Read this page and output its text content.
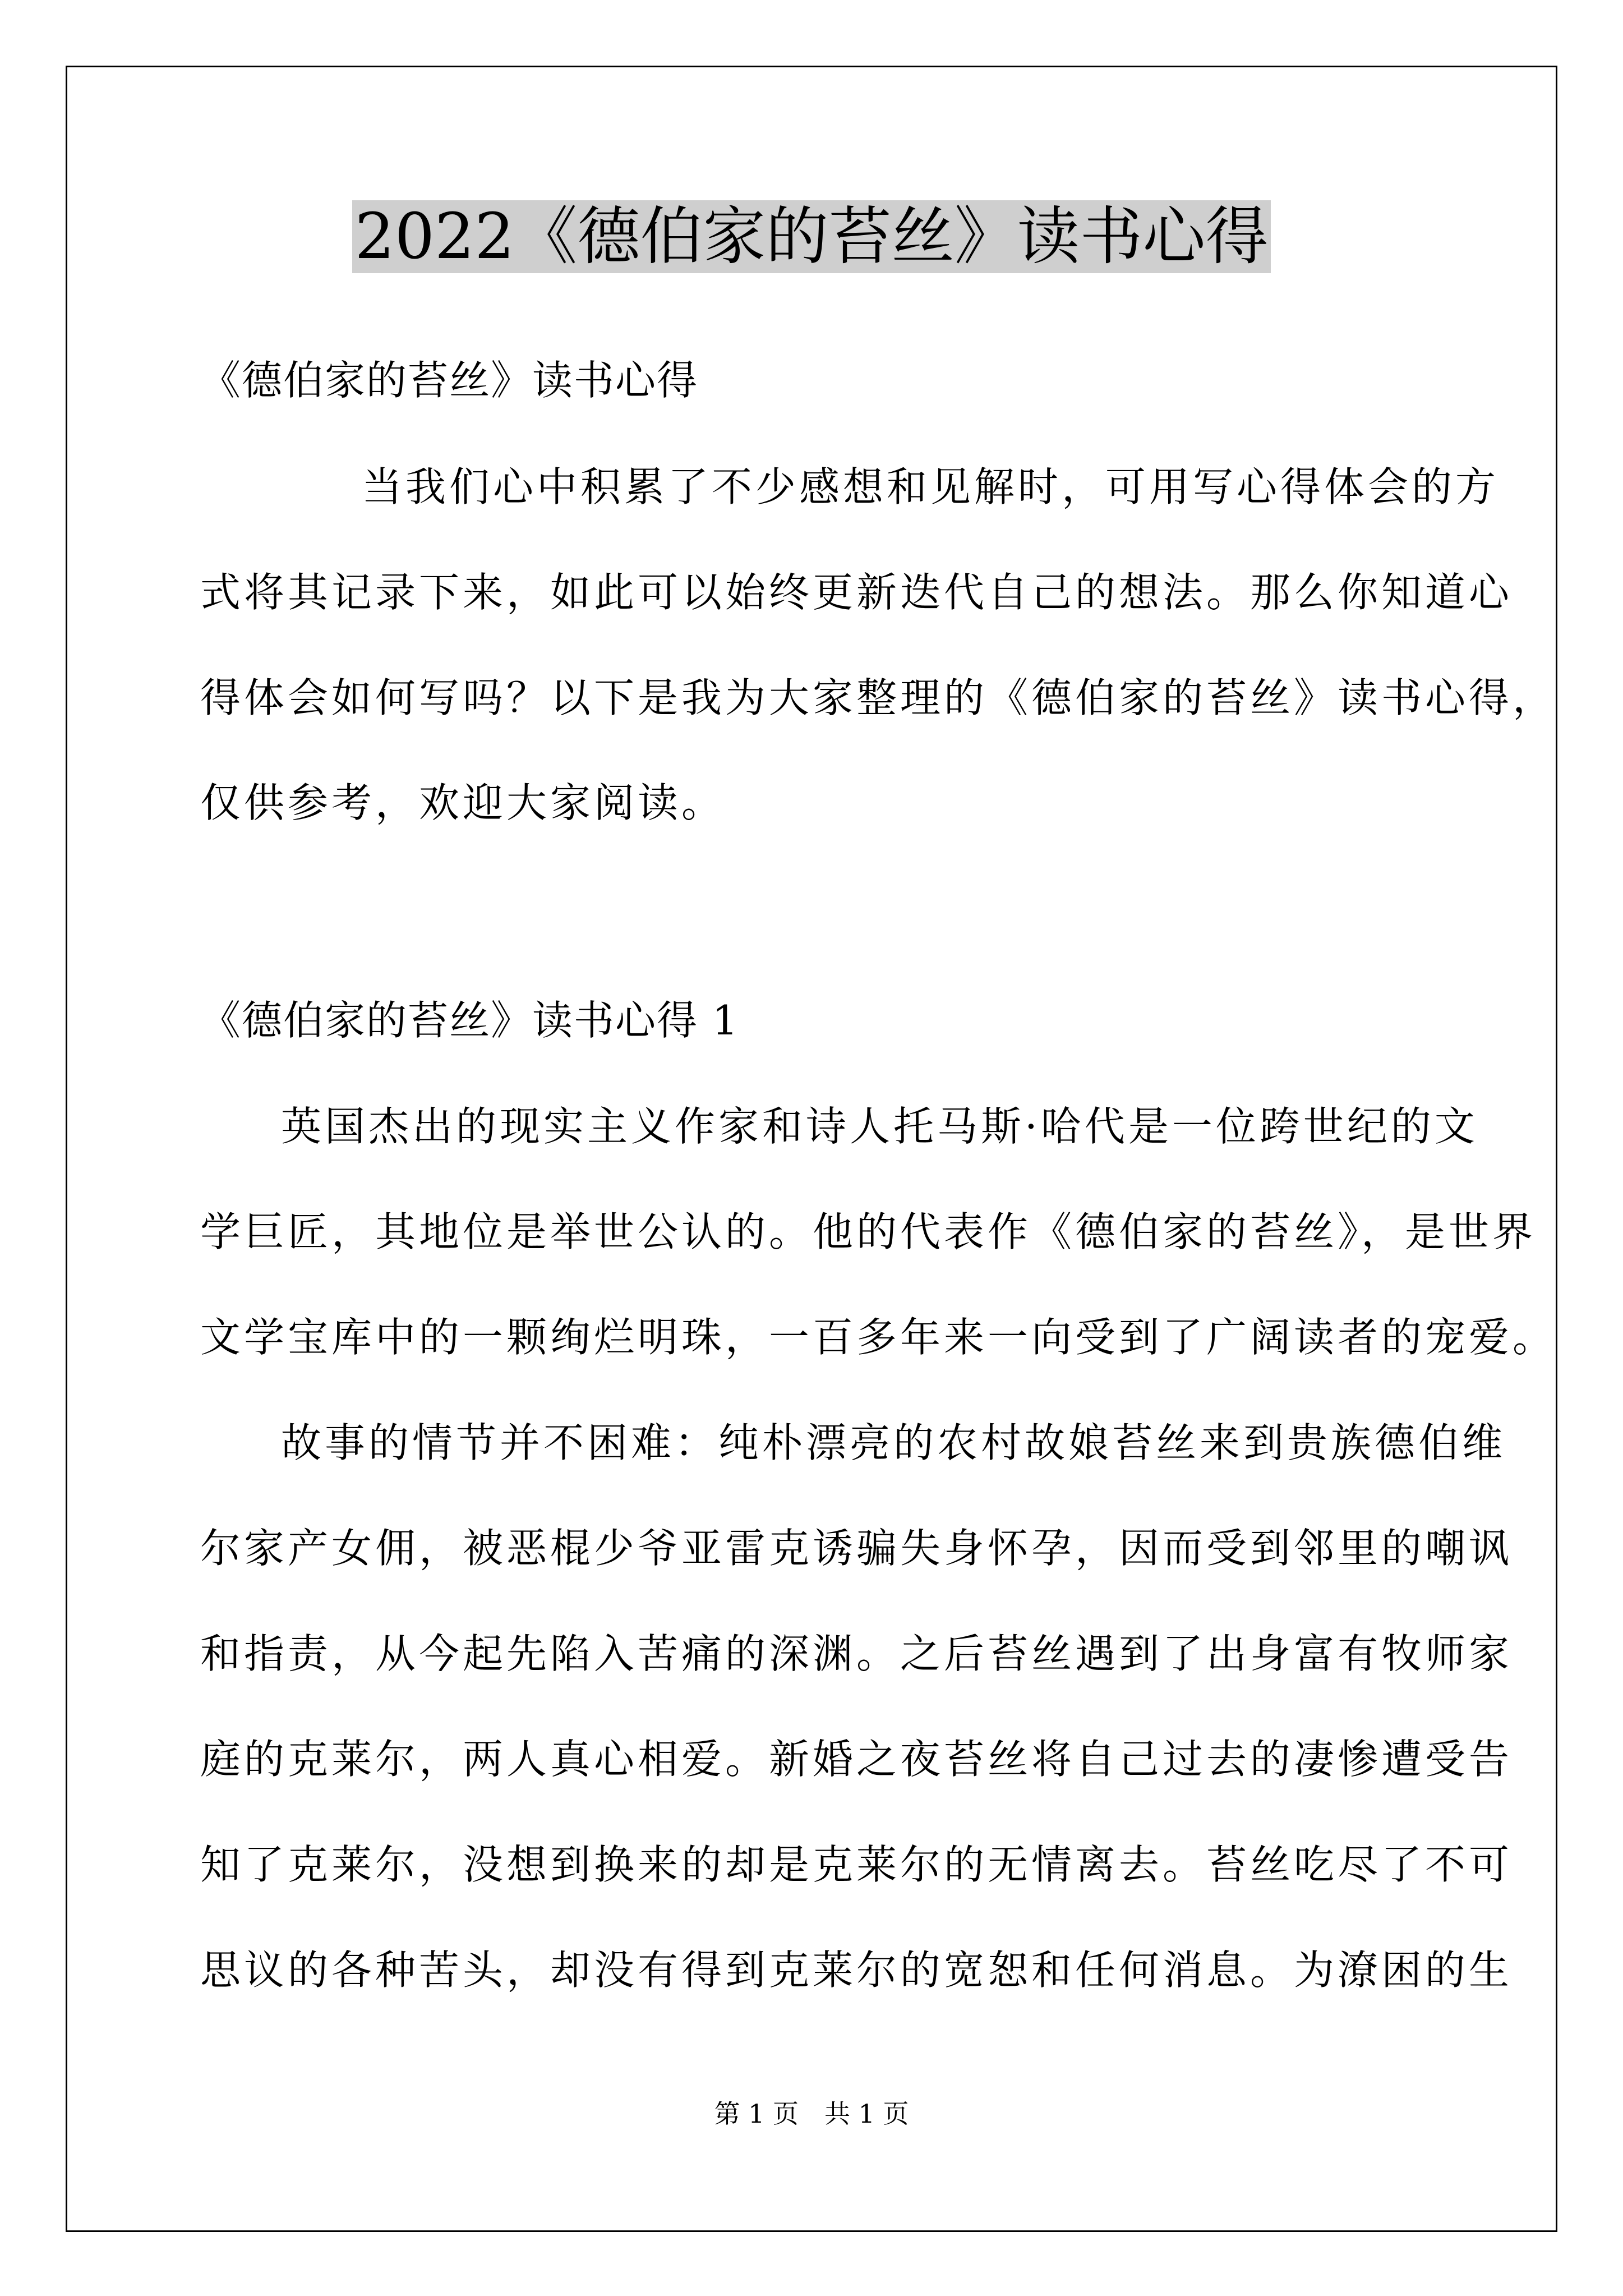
2022《德伯家的苔丝》读书心得
《德伯家的苔丝》读书心得
当我们心中积累了不少感想和见解时，可用写心得体会的方
式将其记录下来，如此可以始终更新迭代自己的想法。那么你知道心
得体会如何写吗？以下是我为大家整理的《德伯家的苔丝》读书心得，
仅供参考，欢迎大家阅读。
《德伯家的苔丝》读书心得 1
英国杰出的现实主义作家和诗人托马斯·哈代是一位跨世纪的文
学巨匠，其地位是举世公认的。他的代表作《德伯家的苔丝》，是世界
文学宝库中的一颗绚烂明珠，一百多年来一向受到了广阔读者的宠爱。
故事的情节并不困难：纯朴漂亮的农村故娘苔丝来到贵族德伯维
尔家产女佣，被恶棍少爷亚雷克诱骗失身怀孕，因而受到邻里的嘲讽
和指责，从今起先陷入苦痛的深渊。之后苔丝遇到了出身富有牧师家
庭的克莱尔，两人真心相爱。新婚之夜苔丝将自己过去的凄惨遭受告
知了克莱尔，没想到换来的却是克莱尔的无情离去。苔丝吃尽了不可
思议的各种苦头，却没有得到克莱尔的宽恕和任何消息。为潦困的生
第 1 页　共 1 页
